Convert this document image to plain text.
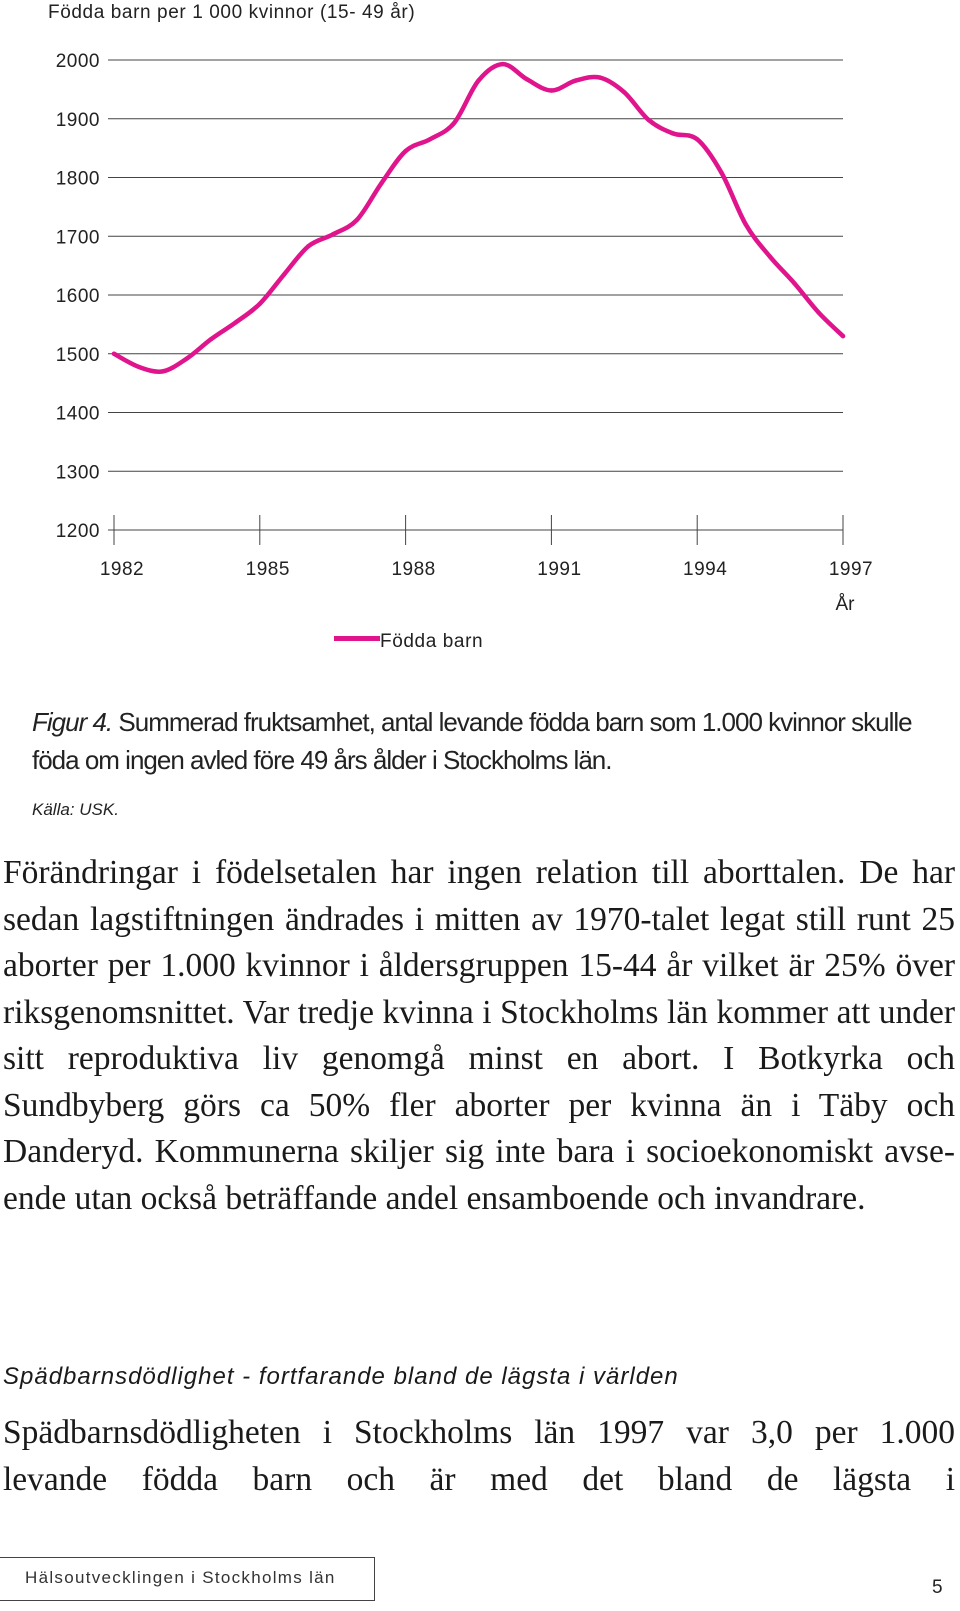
Födda barn per 1 000 kvinnor (15- 49 år)
1200
1300
1400
1500
1600
1700
1800
1900
2000
1982	1985	1988	1991	1994	1997
År
Födda barn
Figur 4. Summerad fruktsamhet, antal levande födda barn som 1.000 kvinnor skulle föda om ingen avled före 49 års ålder i Stockholms län.
Källa: USK.
Förändringar i födelsetalen har ingen relation till aborttalen. De har sedan lagstiftningen ändrades i mitten av 1970-talet legat still runt 25 aborter per 1.000 kvinnor i åldersgruppen 15-44 år vilket är 25% över riksgenomsnittet. Var tredje kvinna i Stockholms län kommer att under sitt reproduktiva liv genomgå minst en abort. I Botkyrka och Sundbyberg görs ca 50% fler aborter per kvinna än i Täby och Danderyd. Kommunerna skiljer sig inte bara i socioekonomiskt avseende utan också beträffande andel ensamboende och invandrare.
Spädbarnsdödlighet - fortfarande bland de lägsta i världen
Spädbarnsdödligheten i Stockholms län 1997 var 3,0 per 1.000 levande födda barn och är med det bland de lägsta i
Hälsoutvecklingen i Stockholms län	5
